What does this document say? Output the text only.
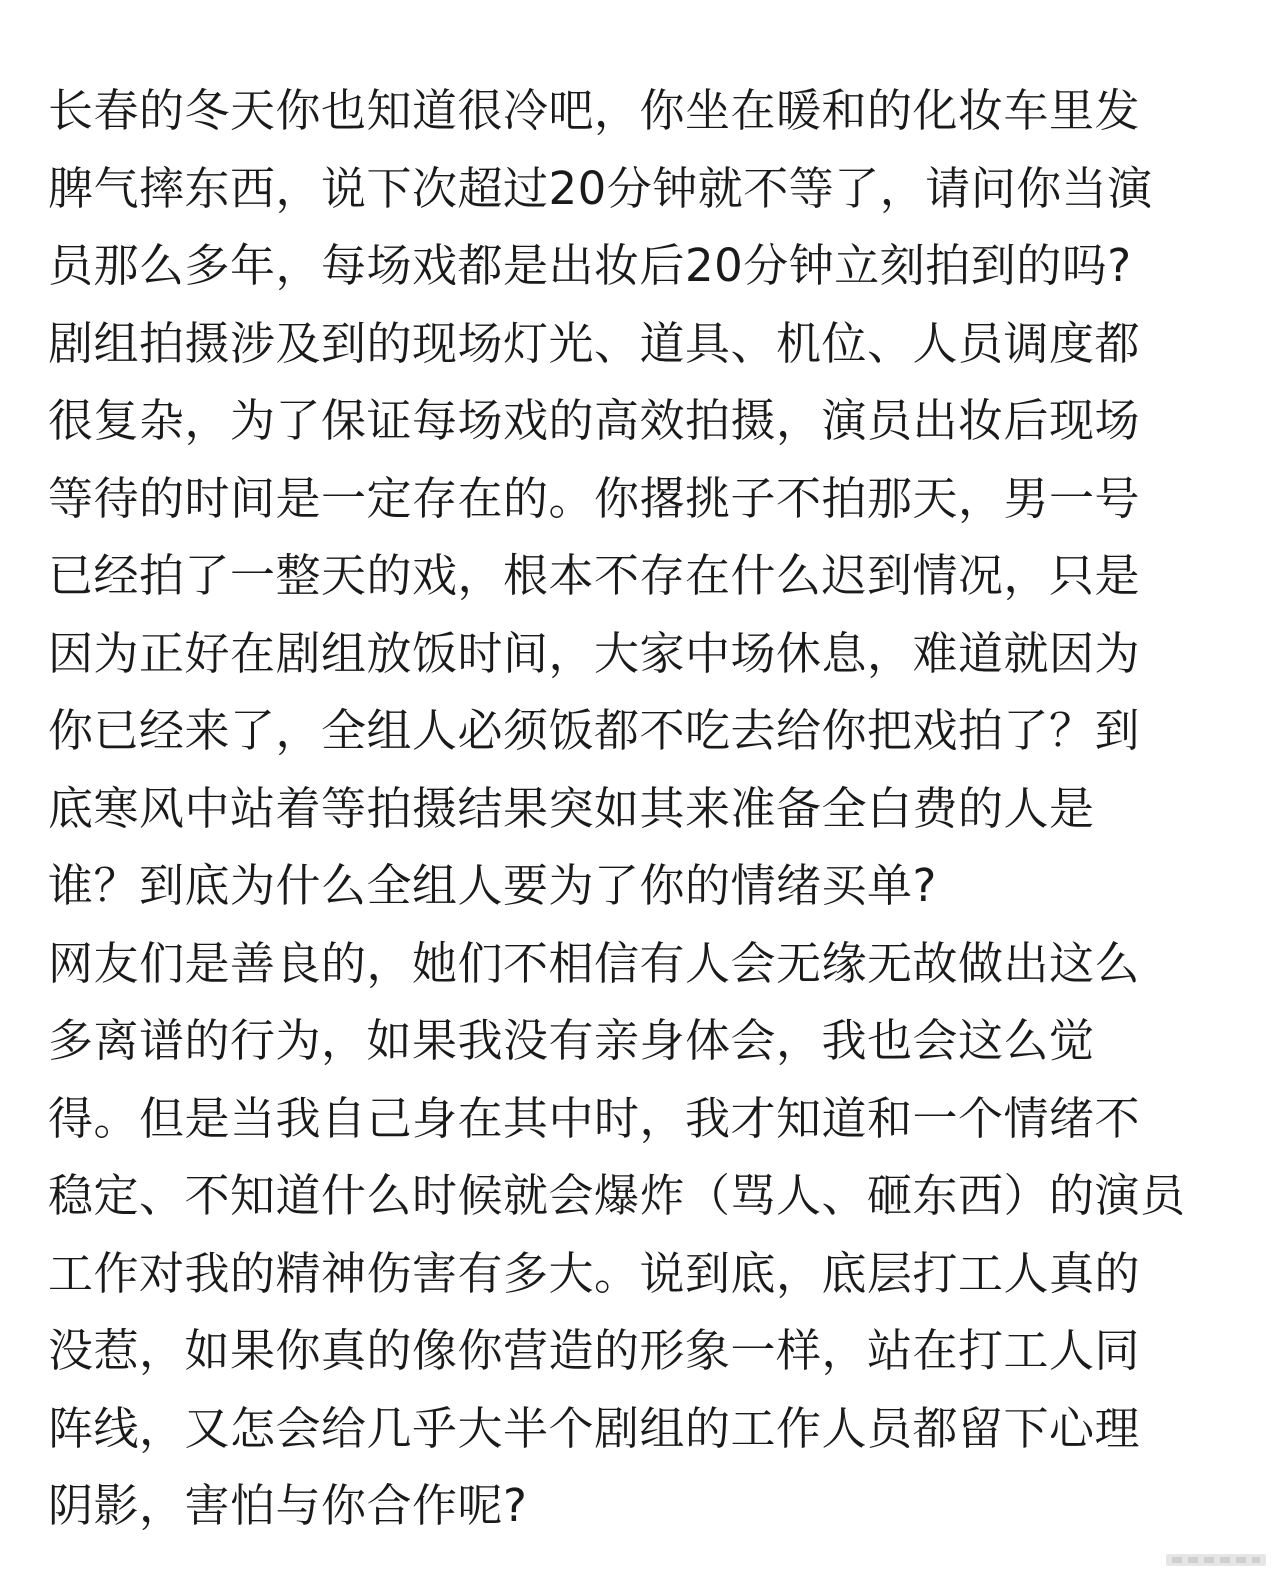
长春的冬天你也知道很冷吧，你坐在暖和的化妆车里发
脾气摔东西，说下次超过20分钟就不等了，请问你当演
员那么多年，每场戏都是出妆后20分钟立刻拍到的吗?
剧组拍摄涉及到的现场灯光、道具、机位、人员调度都
很复杂，为了保证每场戏的高效拍摄，演员出妆后现场
等待的时间是一定存在的。你撂挑子不拍那天，男一号
已经拍了一整天的戏，根本不存在什么迟到情况，只是
因为正好在剧组放饭时间，大家中场休息，难道就因为
你已经来了，全组人必须饭都不吃去给你把戏拍了？到
底寒风中站着等拍摄结果突如其来准备全白费的人是
谁？到底为什么全组人要为了你的情绪买单?
网友们是善良的，她们不相信有人会无缘无故做出这么
多离谱的行为，如果我没有亲身体会，我也会这么觉
得。但是当我自己身在其中时，我才知道和一个情绪不
稳定、不知道什么时候就会爆炸（骂人、砸东西）的演员
工作对我的精神伤害有多大。说到底，底层打工人真的
没惹，如果你真的像你营造的形象一样，站在打工人同
阵线，又怎会给几乎大半个剧组的工作人员都留下心理
阴影，害怕与你合作呢?
